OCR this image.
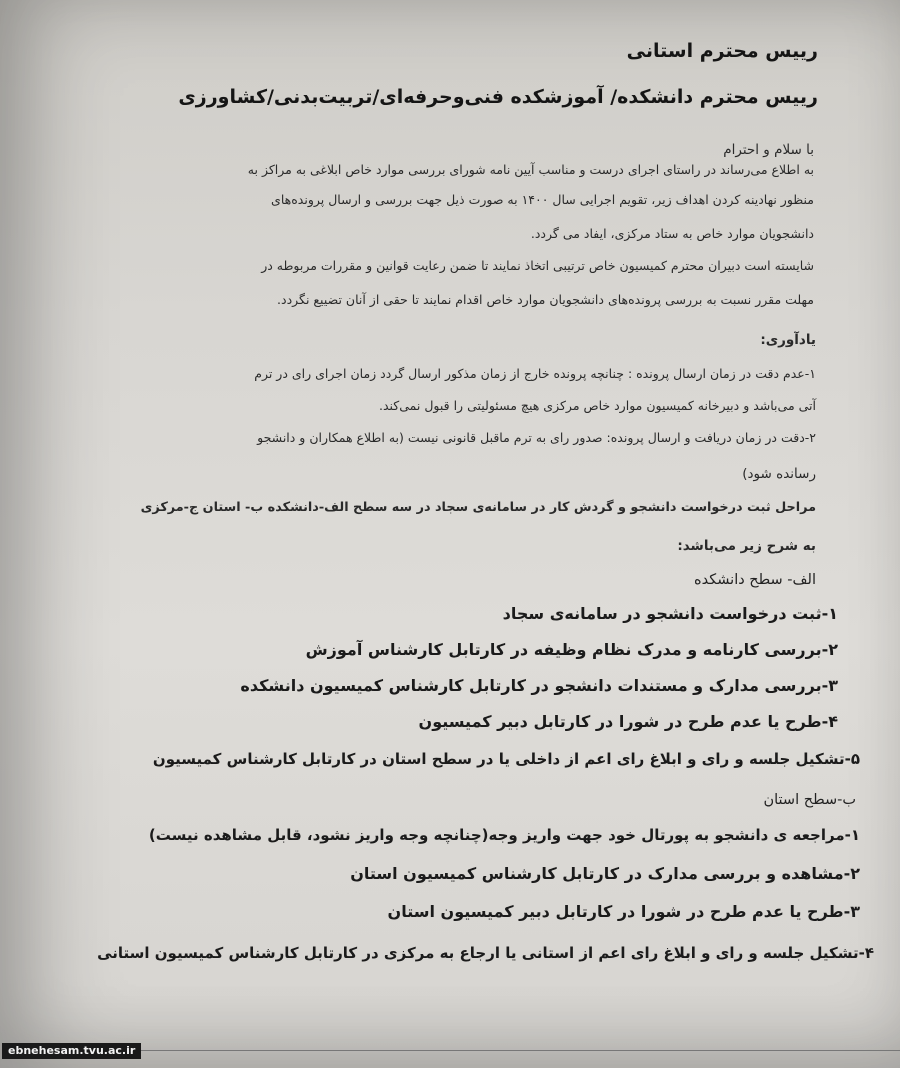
رییس محترم استانی
رییس محترم دانشکده/ آموزشکده فنی‌وحرفه‌ای/تربیت‌بدنی/کشاورزی
با سلام و احترام
به اطلاع می‌رساند در راستای اجرای درست و مناسب آیین نامه شورای بررسی موارد خاص ابلاغی به مراکز به
منظور نهادینه کردن اهداف زیر، تقویم اجرایی سال ۱۴۰۰ به صورت ذیل جهت بررسی و ارسال پرونده‌های
دانشجویان موارد خاص به ستاد مرکزی، ایفاد می گردد.
شایسته است دبیران محترم کمیسیون خاص ترتیبی اتخاذ نمایند تا ضمن رعایت قوانین و مقررات مربوطه در
مهلت مقرر نسبت به بررسی پرونده‌های دانشجویان موارد خاص اقدام نمایند تا حقی از آنان تضییع نگردد.
یادآوری:
۱-عدم دقت در زمان ارسال پرونده : چنانچه پرونده خارج از زمان مذکور ارسال گردد زمان اجرای رای در ترم
آتی می‌باشد و دبیرخانه کمیسیون موارد خاص مرکزی هیچ مسئولیتی را قبول نمی‌کند.
۲-دقت در زمان دریافت و ارسال پرونده: صدور رای به ترم ماقبل قانونی نیست (به اطلاع همکاران و دانشجو
رسانده شود)
مراحل ثبت درخواست دانشجو و گردش کار در سامانه‌ی سجاد در سه سطح الف-دانشکده ب- استان ج-مرکزی
به شرح زیر می‌باشد:
الف- سطح دانشکده
۱-ثبت درخواست دانشجو در سامانه‌ی سجاد
۲-بررسی کارنامه و مدرک نظام وظیفه در کارتابل کارشناس آموزش
۳-بررسی مدارک و مستندات دانشجو در کارتابل کارشناس کمیسیون دانشکده
۴-طرح یا عدم طرح در شورا در کارتابل دبیر کمیسیون
۵-تشکیل جلسه و رای و ابلاغ رای اعم از داخلی یا در سطح استان در کارتابل کارشناس کمیسیون
ب-سطح استان
۱-مراجعه ی دانشجو به پورتال خود جهت واریز وجه(چنانچه وجه واریز نشود، قابل مشاهده نیست)
۲-مشاهده و بررسی مدارک در کارتابل کارشناس کمیسیون استان
۳-طرح یا عدم طرح در شورا در کارتابل دبیر کمیسیون استان
۴-تشکیل جلسه و رای و ابلاغ رای اعم از استانی یا ارجاع به مرکزی در کارتابل کارشناس کمیسیون استانی
ebnehesam.tvu.ac.ir
